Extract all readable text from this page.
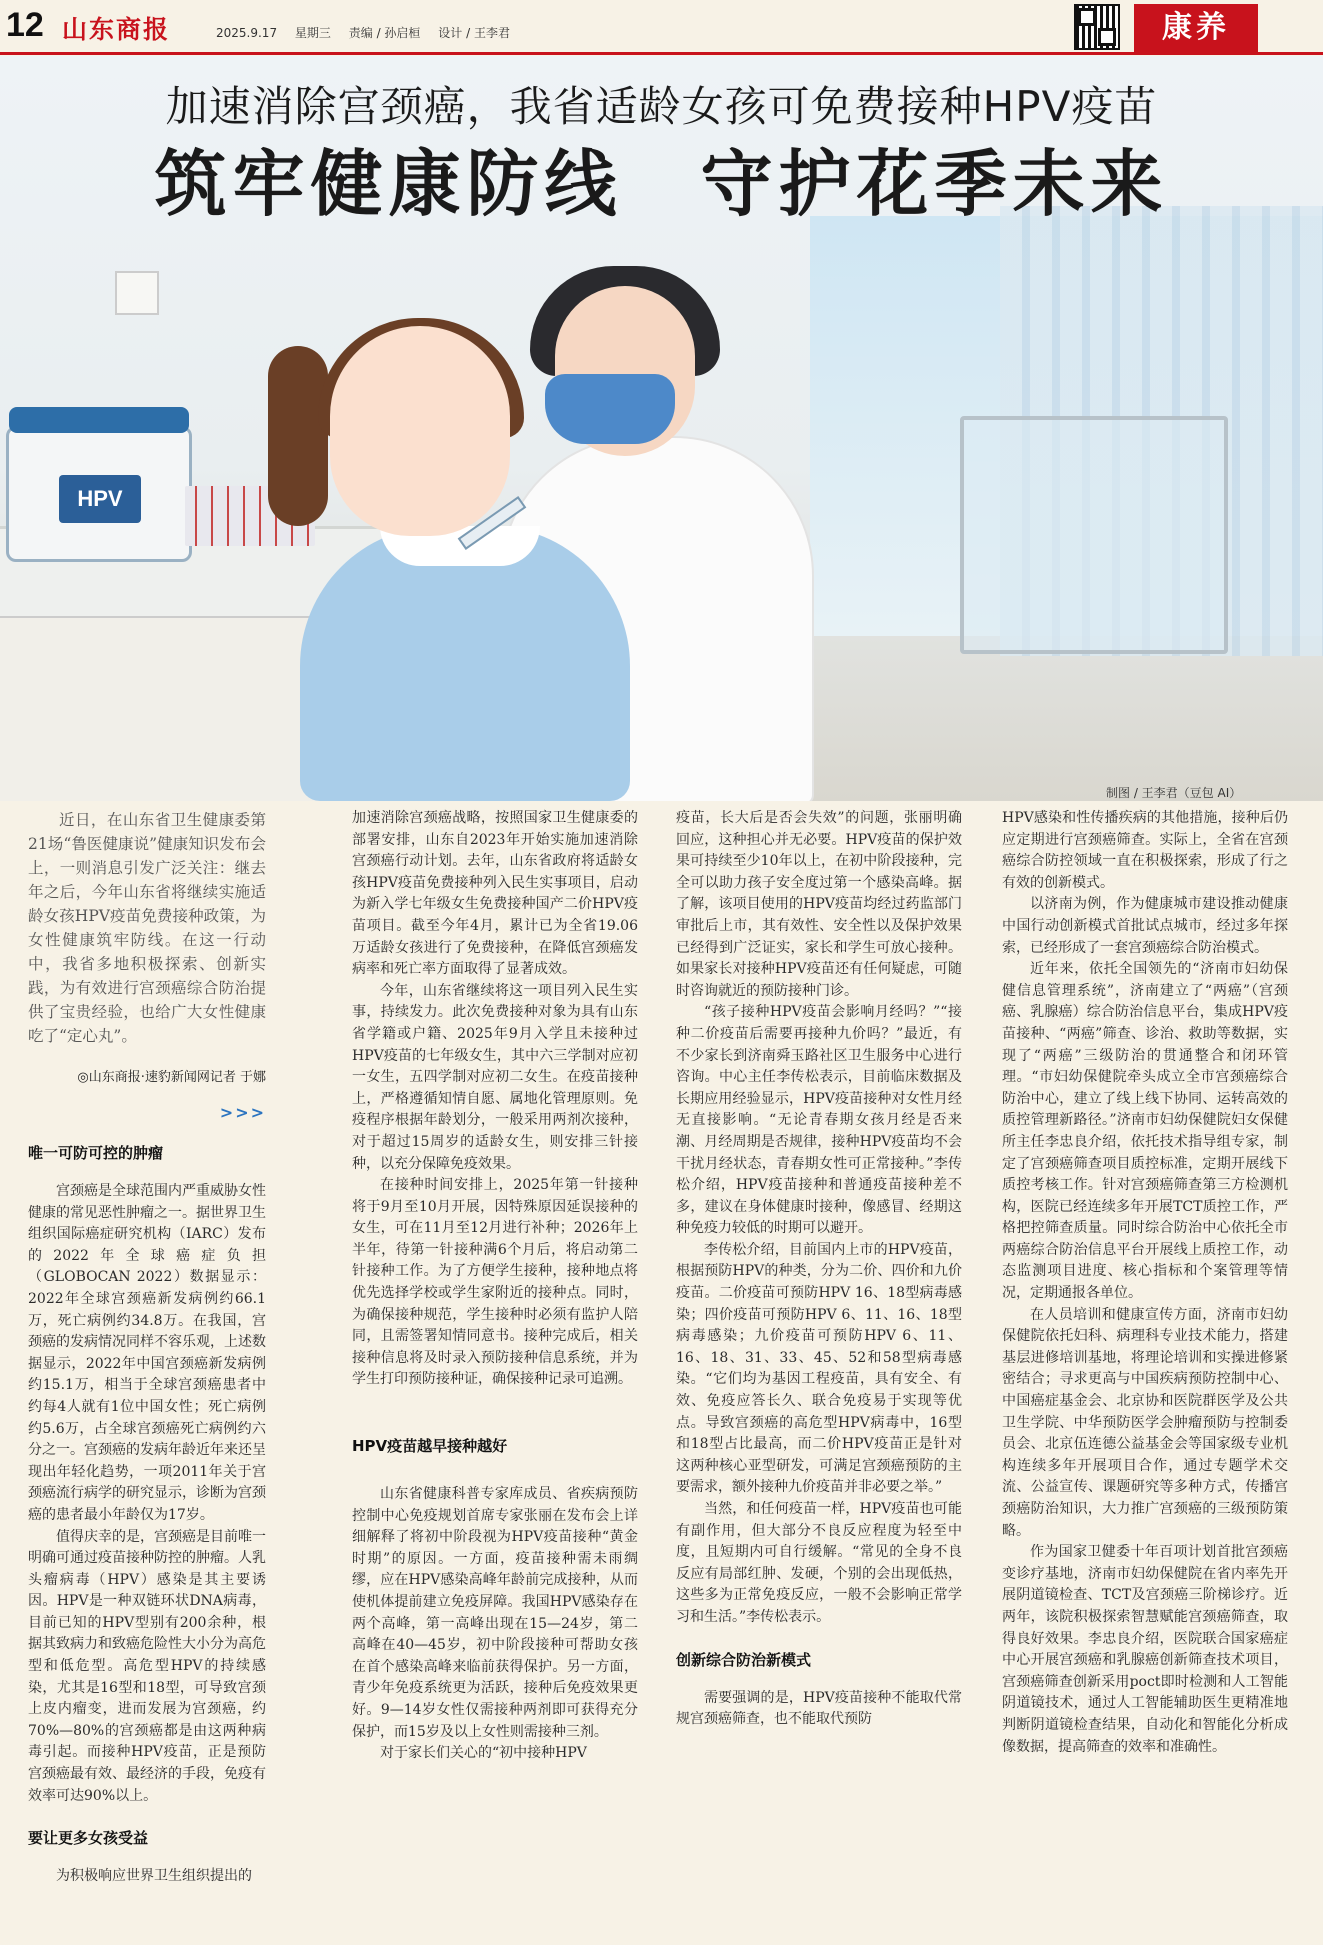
12 山东商报	2025.9.17 星期三 责编 / 孙启桓 设计 / 王李君	康养
HPV
加速消除宫颈癌，我省适龄女孩可免费接种HPV疫苗
筑牢健康防线　守护花季未来
制图 / 王李君（豆包 AI）

近日，在山东省卫生健康委第21场“鲁医健康说”健康知识发布会上，一则消息引发广泛关注：继去年之后，今年山东省将继续实施适龄女孩HPV疫苗免费接种政策，为女性健康筑牢防线。在这一行动中，我省多地积极探索、创新实践，为有效进行宫颈癌综合防治提供了宝贵经验，也给广大女性健康吃了“定心丸”。

◎山东商报·速豹新闻网记者 于娜

>>>

唯一可防可控的肿瘤

宫颈癌是全球范围内严重威胁女性健康的常见恶性肿瘤之一。据世界卫生组织国际癌症研究机构（IARC）发布的2022年全球癌症负担（GLOBOCAN 2022）数据显示：2022年全球宫颈癌新发病例约66.1万，死亡病例约34.8万。在我国，宫颈癌的发病情况同样不容乐观，上述数据显示，2022年中国宫颈癌新发病例约15.1万，相当于全球宫颈癌患者中约每4人就有1位中国女性；死亡病例约5.6万，占全球宫颈癌死亡病例约六分之一。宫颈癌的发病年龄近年来还呈现出年轻化趋势，一项2011年关于宫颈癌流行病学的研究显示，诊断为宫颈癌的患者最小年龄仅为17岁。

值得庆幸的是，宫颈癌是目前唯一明确可通过疫苗接种防控的肿瘤。人乳头瘤病毒（HPV）感染是其主要诱因。HPV是一种双链环状DNA病毒，目前已知的HPV型别有200余种，根据其致病力和致癌危险性大小分为高危型和低危型。高危型HPV的持续感染，尤其是16型和18型，可导致宫颈上皮内瘤变，进而发展为宫颈癌，约70%—80%的宫颈癌都是由这两种病毒引起。而接种HPV疫苗，正是预防宫颈癌最有效、最经济的手段，免疫有效率可达90%以上。

要让更多女孩受益

为积极响应世界卫生组织提出的

加速消除宫颈癌战略，按照国家卫生健康委的部署安排，山东自2023年开始实施加速消除宫颈癌行动计划。去年，山东省政府将适龄女孩HPV疫苗免费接种列入民生实事项目，启动为新入学七年级女生免费接种国产二价HPV疫苗项目。截至今年4月，累计已为全省19.06万适龄女孩进行了免费接种，在降低宫颈癌发病率和死亡率方面取得了显著成效。

今年，山东省继续将这一项目列入民生实事，持续发力。此次免费接种对象为具有山东省学籍或户籍、2025年9月入学且未接种过HPV疫苗的七年级女生，其中六三学制对应初一女生，五四学制对应初二女生。在疫苗接种上，严格遵循知情自愿、属地化管理原则。免疫程序根据年龄划分，一般采用两剂次接种，对于超过15周岁的适龄女生，则安排三针接种，以充分保障免疫效果。

在接种时间安排上，2025年第一针接种将于9月至10月开展，因特殊原因延误接种的女生，可在11月至12月进行补种；2026年上半年，待第一针接种满6个月后，将启动第二针接种工作。为了方便学生接种，接种地点将优先选择学校或学生家附近的接种点。同时，为确保接种规范，学生接种时必须有监护人陪同，且需签署知情同意书。接种完成后，相关接种信息将及时录入预防接种信息系统，并为学生打印预防接种证，确保接种记录可追溯。

HPV疫苗越早接种越好

山东省健康科普专家库成员、省疾病预防控制中心免疫规划首席专家张丽在发布会上详细解释了将初中阶段视为HPV疫苗接种“黄金时期”的原因。一方面，疫苗接种需未雨绸缪，应在HPV感染高峰年龄前完成接种，从而使机体提前建立免疫屏障。我国HPV感染存在两个高峰，第一高峰出现在15—24岁，第二高峰在40—45岁，初中阶段接种可帮助女孩在首个感染高峰来临前获得保护。另一方面，青少年免疫系统更为活跃，接种后免疫效果更好。9—14岁女性仅需接种两剂即可获得充分保护，而15岁及以上女性则需接种三剂。

对于家长们关心的“初中接种HPV

疫苗，长大后是否会失效”的问题，张丽明确回应，这种担心并无必要。HPV疫苗的保护效果可持续至少10年以上，在初中阶段接种，完全可以助力孩子安全度过第一个感染高峰。据了解，该项目使用的HPV疫苗均经过药监部门审批后上市，其有效性、安全性以及保护效果已经得到广泛证实，家长和学生可放心接种。如果家长对接种HPV疫苗还有任何疑虑，可随时咨询就近的预防接种门诊。

“孩子接种HPV疫苗会影响月经吗？”“接种二价疫苗后需要再接种九价吗？”最近，有不少家长到济南舜玉路社区卫生服务中心进行咨询。中心主任李传松表示，目前临床数据及长期应用经验显示，HPV疫苗接种对女性月经无直接影响。“无论青春期女孩月经是否来潮、月经周期是否规律，接种HPV疫苗均不会干扰月经状态，青春期女性可正常接种。”李传松介绍，HPV疫苗接种和普通疫苗接种差不多，建议在身体健康时接种，像感冒、经期这种免疫力较低的时期可以避开。

李传松介绍，目前国内上市的HPV疫苗，根据预防HPV的种类，分为二价、四价和九价疫苗。二价疫苗可预防HPV 16、18型病毒感染；四价疫苗可预防HPV 6、11、16、18型病毒感染；九价疫苗可预防HPV 6、11、16、18、31、33、45、52和58型病毒感染。“它们均为基因工程疫苗，具有安全、有效、免疫应答长久、联合免疫易于实现等优点。导致宫颈癌的高危型HPV病毒中，16型和18型占比最高，而二价HPV疫苗正是针对这两种核心亚型研发，可满足宫颈癌预防的主要需求，额外接种九价疫苗并非必要之举。”

当然，和任何疫苗一样，HPV疫苗也可能有副作用，但大部分不良反应程度为轻至中度，且短期内可自行缓解。“常见的全身不良反应有局部红肿、发硬，个别的会出现低热，这些多为正常免疫反应，一般不会影响正常学习和生活。”李传松表示。

创新综合防治新模式

需要强调的是，HPV疫苗接种不能取代常规宫颈癌筛查，也不能取代预防

HPV感染和性传播疾病的其他措施，接种后仍应定期进行宫颈癌筛查。实际上，全省在宫颈癌综合防控领域一直在积极探索，形成了行之有效的创新模式。

以济南为例，作为健康城市建设推动健康中国行动创新模式首批试点城市，经过多年探索，已经形成了一套宫颈癌综合防治模式。

近年来，依托全国领先的“济南市妇幼保健信息管理系统”，济南建立了“两癌”（宫颈癌、乳腺癌）综合防治信息平台，集成HPV疫苗接种、“两癌”筛查、诊治、救助等数据，实现了“两癌”三级防治的贯通整合和闭环管理。“市妇幼保健院牵头成立全市宫颈癌综合防治中心，建立了线上线下协同、运转高效的质控管理新路径。”济南市妇幼保健院妇女保健所主任李忠良介绍，依托技术指导组专家，制定了宫颈癌筛查项目质控标准，定期开展线下质控考核工作。针对宫颈癌筛查第三方检测机构，医院已经连续多年开展TCT质控工作，严格把控筛查质量。同时综合防治中心依托全市两癌综合防治信息平台开展线上质控工作，动态监测项目进度、核心指标和个案管理等情况，定期通报各单位。

在人员培训和健康宣传方面，济南市妇幼保健院依托妇科、病理科专业技术能力，搭建基层进修培训基地，将理论培训和实操进修紧密结合；寻求更高与中国疾病预防控制中心、中国癌症基金会、北京协和医院群医学及公共卫生学院、中华预防医学会肿瘤预防与控制委员会、北京伍连德公益基金会等国家级专业机构连续多年开展项目合作，通过专题学术交流、公益宣传、课题研究等多种方式，传播宫颈癌防治知识，大力推广宫颈癌的三级预防策略。

作为国家卫健委十年百项计划首批宫颈癌变诊疗基地，济南市妇幼保健院在省内率先开展阴道镜检查、TCT及宫颈癌三阶梯诊疗。近两年，该院积极探索智慧赋能宫颈癌筛查，取得良好效果。李忠良介绍，医院联合国家癌症中心开展宫颈癌和乳腺癌创新筛查技术项目，宫颈癌筛查创新采用poct即时检测和人工智能阴道镜技术，通过人工智能辅助医生更精准地判断阴道镜检查结果，自动化和智能化分析成像数据，提高筛查的效率和准确性。
